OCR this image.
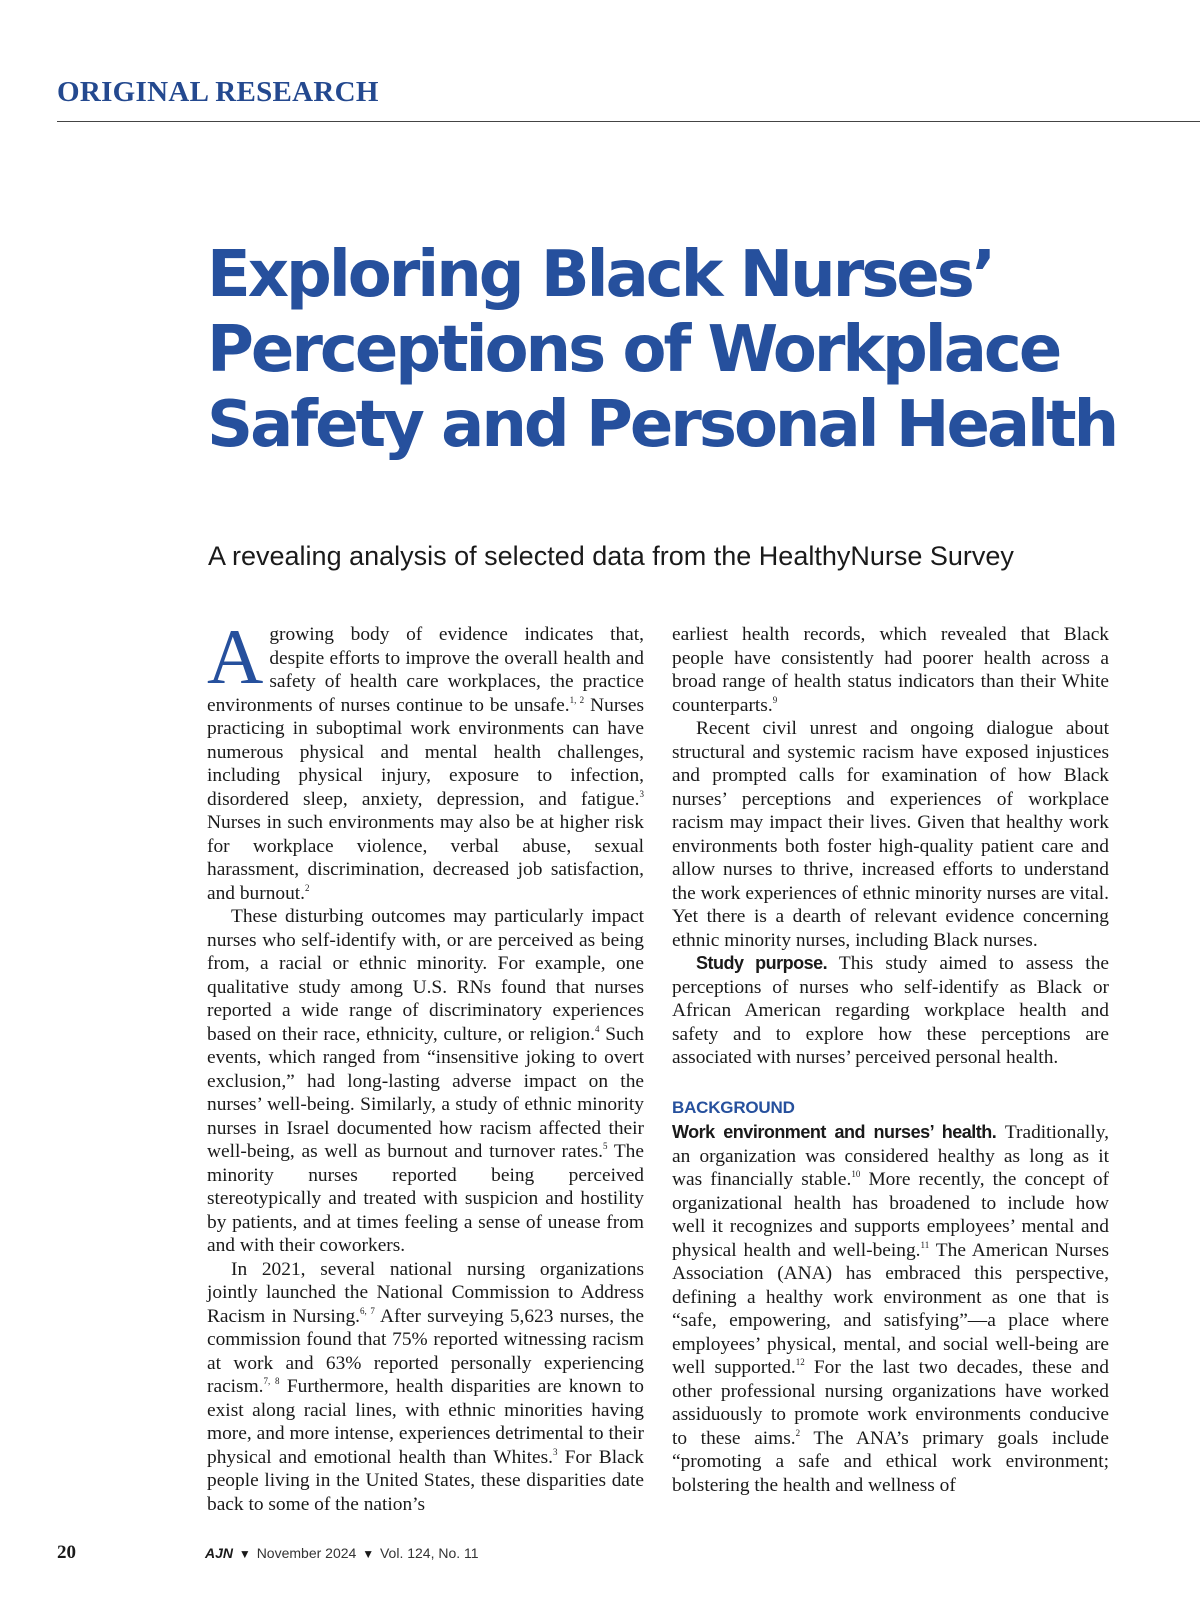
ORIGINAL RESEARCH
Exploring Black Nurses’ Perceptions of Workplace Safety and Personal Health

A revealing analysis of selected data from the HealthyNurse Survey

Agrowing body of evidence indicates that, despite efforts to improve the overall health and safety of health care workplaces, the practice environments of nurses continue to be unsafe.$^{1, 2}$ Nurses practicing in suboptimal work environments can have numerous physical and mental health challenges, including physical injury, exposure to infection, disordered sleep, anxiety, depression, and fatigue.$^3$ Nurses in such environments may also be at higher risk for workplace violence, verbal abuse, sexual harassment, discrimination, decreased job satisfaction, and burnout.$^2$

These disturbing outcomes may particularly impact nurses who self-identify with, or are perceived as being from, a racial or ethnic minority. For example, one qualitative study among U.S. RNs found that nurses reported a wide range of discriminatory experiences based on their race, ethnicity, culture, or religion.$^4$ Such events, which ranged from “insensitive joking to overt exclusion,” had long-lasting adverse impact on the nurses’ well-being. Similarly, a study of ethnic minority nurses in Israel documented how racism affected their well-being, as well as burnout and turnover rates.$^5$ The minority nurses reported being perceived stereotypically and treated with suspicion and hostility by patients, and at times feeling a sense of unease from and with their coworkers.

In 2021, several national nursing organizations jointly launched the National Commission to Address Racism in Nursing.$^{6, 7}$ After surveying 5,623 nurses, the commission found that 75% reported witnessing racism at work and 63% reported personally experiencing racism.$^{7, 8}$ Furthermore, health disparities are known to exist along racial lines, with ethnic minorities having more, and more intense, experiences detrimental to their physical and emotional health than Whites.$^3$ For Black people living in the United States, these disparities date back to some of the nation’s

earliest health records, which revealed that Black people have consistently had poorer health across a broad range of health status indicators than their White counterparts.$^9$

Recent civil unrest and ongoing dialogue about structural and systemic racism have exposed injustices and prompted calls for examination of how Black nurses’ perceptions and experiences of workplace racism may impact their lives. Given that healthy work environments both foster high-quality patient care and allow nurses to thrive, increased efforts to understand the work experiences of ethnic minority nurses are vital. Yet there is a dearth of relevant evidence concerning ethnic minority nurses, including Black nurses.

Study purpose. This study aimed to assess the perceptions of nurses who self-identify as Black or African American regarding workplace health and safety and to explore how these perceptions are associated with nurses’ perceived personal health.

BACKGROUND

Work environment and nurses’ health. Traditionally, an organization was considered healthy as long as it was financially stable.$^{10}$ More recently, the concept of organizational health has broadened to include how well it recognizes and supports employees’ mental and physical health and well-being.$^{11}$ The American Nurses Association (ANA) has embraced this perspective, defining a healthy work environment as one that is “safe, empowering, and satisfying”—a place where employees’ physical, mental, and social well-being are well supported.$^{12}$ For the last two decades, these and other professional nursing organizations have worked assiduously to promote work environments conducive to these aims.$^2$ The ANA’s primary goals include “promoting a safe and ethical work environment; bolstering the health and wellness of

20	AJN ▼ November 2024 ▼ Vol. 124, No. 11
